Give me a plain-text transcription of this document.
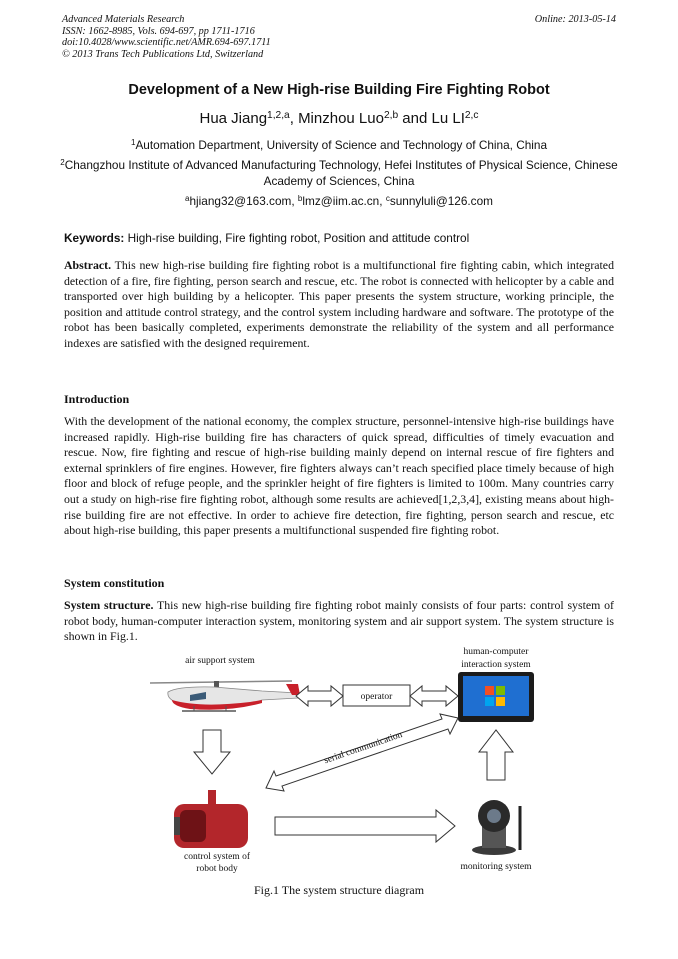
Advanced Materials Research	Online: 2013-05-14
ISSN: 1662-8985, Vols. 694-697, pp 1711-1716
doi:10.4028/www.scientific.net/AMR.694-697.1711
© 2013 Trans Tech Publications Ltd, Switzerland
Development of a New High-rise Building Fire Fighting Robot
Hua Jiang$^{1,2,a}$, Minzhou Luo$^{2,b}$ and Lu LI$^{2,c}$
$^1$Automation Department, University of Science and Technology of China, China
$^2$Changzhou Institute of Advanced Manufacturing Technology, Hefei Institutes of Physical Science, Chinese Academy of Sciences, China
$^a$hjiang32@163.com, $^b$lmz@iim.ac.cn, $^c$sunnyluli@126.com
Keywords: High-rise building, Fire fighting robot, Position and attitude control
Abstract. This new high-rise building fire fighting robot is a multifunctional fire fighting cabin, which integrated detection of a fire, fire fighting, person search and rescue, etc. The robot is connected with helicopter by a cable and transported over high building by a helicopter. This paper presents the system structure, working principle, the position and attitude control strategy, and the control system including hardware and software. The prototype of the robot has been basically completed, experiments demonstrate the reliability of the system and all performance indexes are satisfied with the designed requirement.
Introduction
With the development of the national economy, the complex structure, personnel-intensive high-rise buildings have increased rapidly. High-rise building fire has characters of quick spread, difficulties of timely evacuation and rescue. Now, fire fighting and rescue of high-rise building mainly depend on internal rescue of fire fighters and external sprinklers of fire engines. However, fire fighters always can’t reach specified place timely because of high floor and block of refuge people, and the sprinkler height of fire fighters is limited to 100m. Many countries carry out a study on high-rise fire fighting robot, although some results are achieved[1,2,3,4], existing means about high-rise building fire are not effective. In order to achieve fire detection, fire fighting, person search and rescue, etc about high-rise building, this paper presents a multifunctional suspended fire fighting robot.
System constitution
System structure. This new high-rise building fire fighting robot mainly consists of four parts: control system of robot body, human-computer interaction system, monitoring system and air support system. The system structure is shown in Fig.1.
air support system
human-computer
interaction system
control system of
robot body	monitoring system
operator
serial communication
Fig.1 The system structure diagram
